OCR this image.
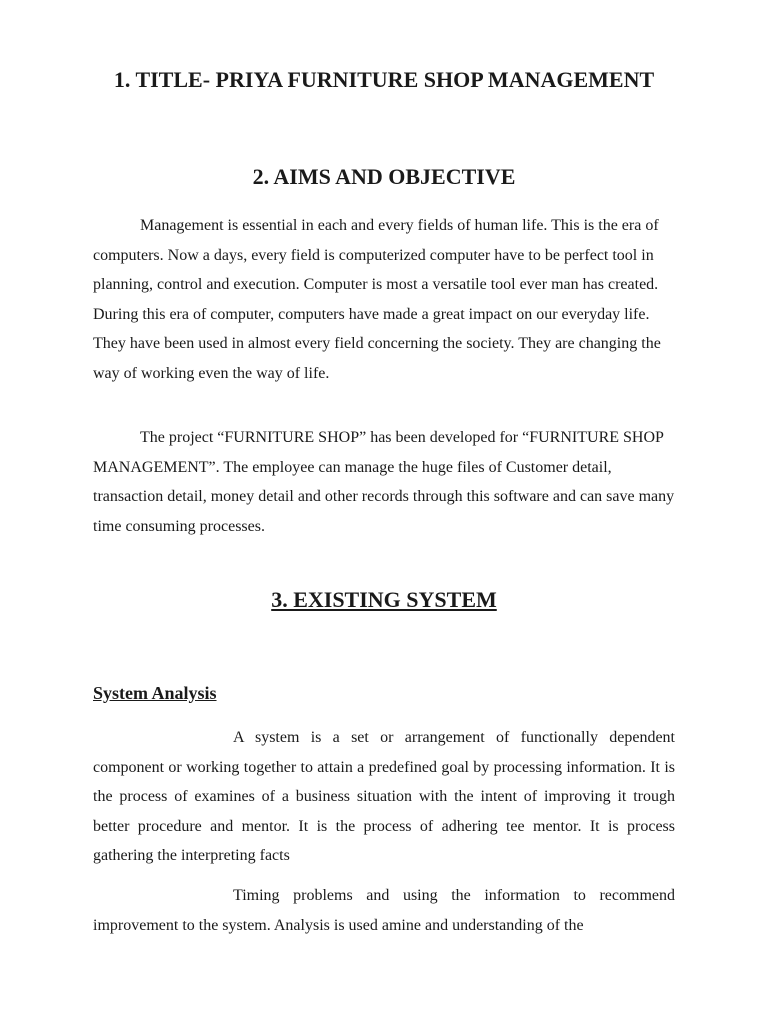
1. TITLE- PRIYA FURNITURE SHOP MANAGEMENT
2. AIMS AND OBJECTIVE

Management is essential in each and every fields of human life. This is the era of computers. Now a days, every field is computerized computer have to be perfect tool in planning, control and execution. Computer is most a versatile tool ever man has created. During this era of computer, computers have made a great impact on our everyday life. They have been used in almost every field concerning the society. They are changing the way of working even the way of life.

The project “FURNITURE SHOP” has been developed for “FURNITURE SHOP MANAGEMENT”. The employee can manage the huge files of Customer detail, transaction detail, money detail and other records through this software and can save many time consuming processes.

3. EXISTING SYSTEM
System Analysis

A system is a set or arrangement of functionally dependent component or working together to attain a predefined goal by processing information. It is the process of examines of a business situation with the intent of improving it trough better procedure and mentor. It is the process of adhering tee mentor. It is process gathering the interpreting facts

Timing problems and using the information to recommend improvement to the system. Analysis is used amine and understanding of the
